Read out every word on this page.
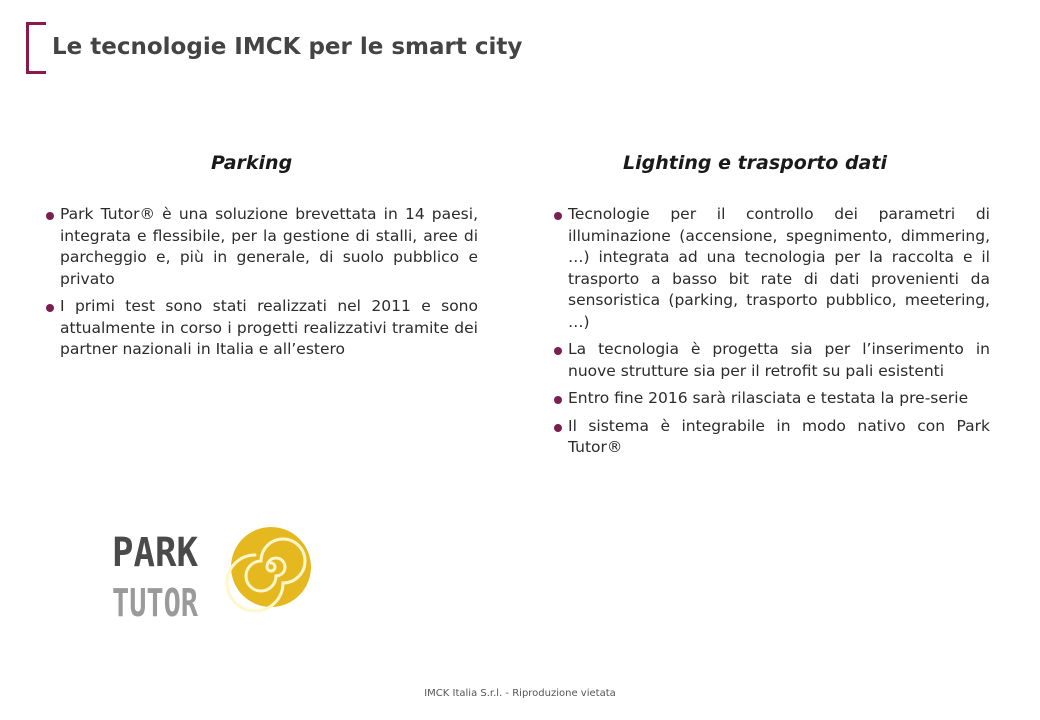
Le tecnologie IMCK per le smart city
Parking
Park Tutor® è una soluzione brevettata in 14 paesi, integrata e flessibile, per la gestione di stalli, aree di parcheggio e, più in generale, di suolo pubblico e privato
I primi test sono stati realizzati nel 2011 e sono attualmente in corso i progetti realizzativi tramite dei partner nazionali in Italia e all’estero
Lighting e trasporto dati
Tecnologie per il controllo dei parametri di illuminazione (accensione, spegnimento, dimmering, …) integrata ad una tecnologia per la raccolta e il trasporto a basso bit rate di dati provenienti da sensoristica (parking, trasporto pubblico, meetering, …)
La tecnologia è progetta sia per l’inserimento in nuove strutture sia per il retrofit su pali esistenti
Entro fine 2016 sarà rilasciata e testata la pre-serie
Il sistema è integrabile in modo nativo con Park Tutor®
PARK
TUTOR
IMCK Italia S.r.l. - Riproduzione vietata
